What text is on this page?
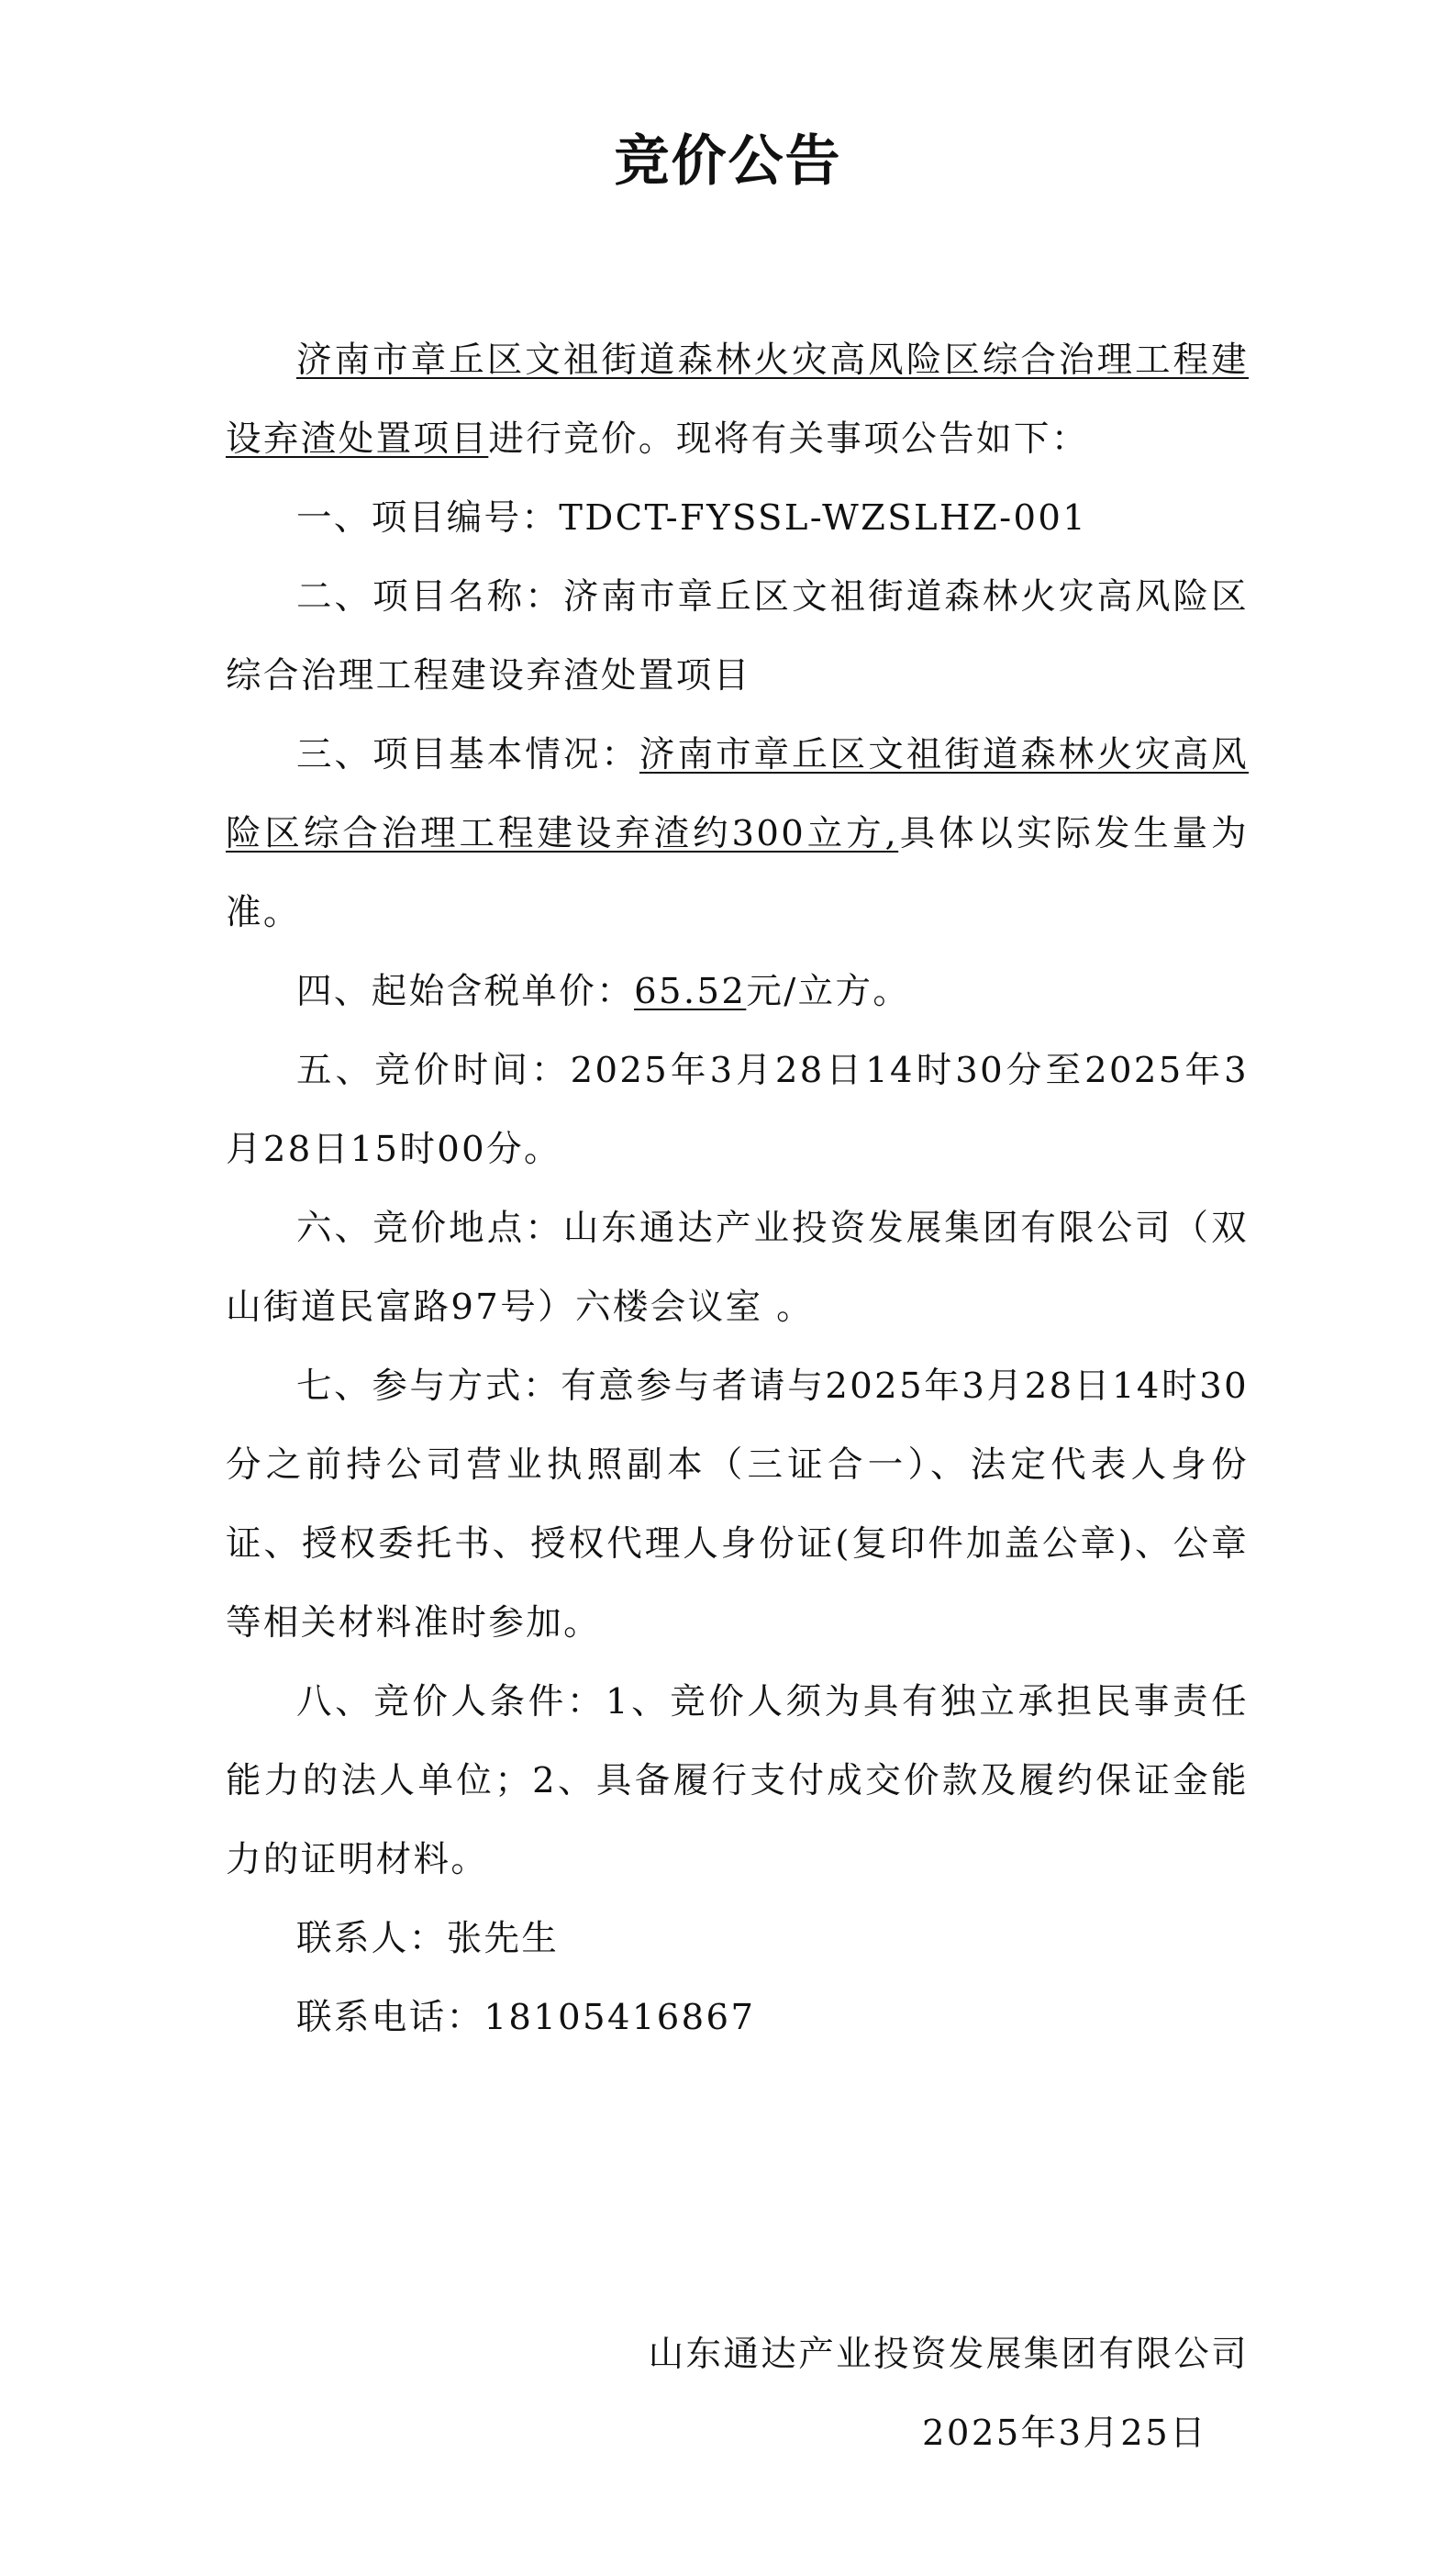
竞价公告

济南市章丘区文祖街道森林火灾高风险区综合治理工程建设弃渣处置项目进行竞价。现将有关事项公告如下：

一、项目编号：TDCT-FYSSL-WZSLHZ-001

二、项目名称：济南市章丘区文祖街道森林火灾高风险区综合治理工程建设弃渣处置项目

三、项目基本情况：济南市章丘区文祖街道森林火灾高风险区综合治理工程建设弃渣约300立方,具体以实际发生量为准。

四、起始含税单价：65.52元/立方。

五、竞价时间：2025年3月28日14时30分至2025年3月28日15时00分。

六、竞价地点：山东通达产业投资发展集团有限公司（双山街道民富路97号）六楼会议室 。

七、参与方式：有意参与者请与2025年3月28日14时30分之前持公司营业执照副本（三证合一）、法定代表人身份证、授权委托书、授权代理人身份证(复印件加盖公章)、公章等相关材料准时参加。

八、竞价人条件：1、竞价人须为具有独立承担民事责任能力的法人单位；2、具备履行支付成交价款及履约保证金能力的证明材料。

联系人：张先生

联系电话：18105416867

山东通达产业投资发展集团有限公司
2025年3月25日
